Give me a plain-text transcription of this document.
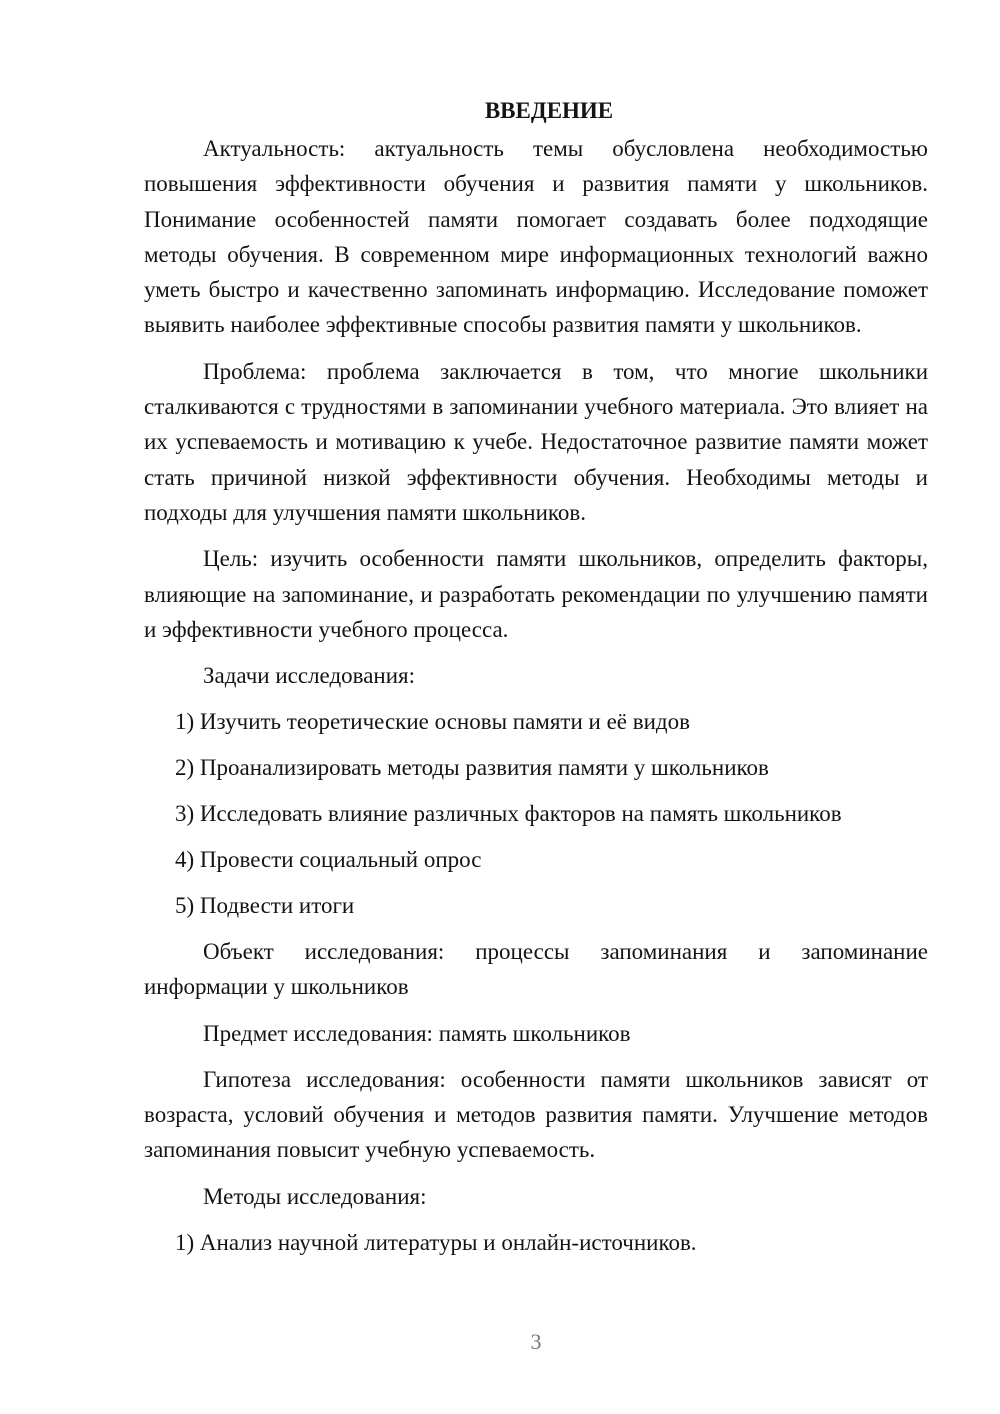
ВВЕДЕНИЕ

Актуальность: актуальность темы обусловлена необходимостью повышения эффективности обучения и развития памяти у школьников. Понимание особенностей памяти помогает создавать более подходящие методы обучения. В современном мире информационных технологий важно уметь быстро и качественно запоминать информацию. Исследование поможет выявить наиболее эффективные способы развития памяти у школьников.

Проблема: проблема заключается в том, что многие школьники сталкиваются с трудностями в запоминании учебного материала. Это влияет на их успеваемость и мотивацию к учебе. Недостаточное развитие памяти может стать причиной низкой эффективности обучения. Необходимы методы и подходы для улучшения памяти школьников.

Цель: изучить особенности памяти школьников, определить факторы, влияющие на запоминание, и разработать рекомендации по улучшению памяти и эффективности учебного процесса.

Задачи исследования:

1) Изучить теоретические основы памяти и её видов

2) Проанализировать методы развития памяти у школьников

3) Исследовать влияние различных факторов на память школьников

4) Провести социальный опрос

5) Подвести итоги

Объект исследования: процессы запоминания и запоминание информации у школьников

Предмет исследования: память школьников

Гипотеза исследования: особенности памяти школьников зависят от возраста, условий обучения и методов развития памяти. Улучшение методов запоминания повысит учебную успеваемость.

Методы исследования:

1) Анализ научной литературы и онлайн-источников.

3
